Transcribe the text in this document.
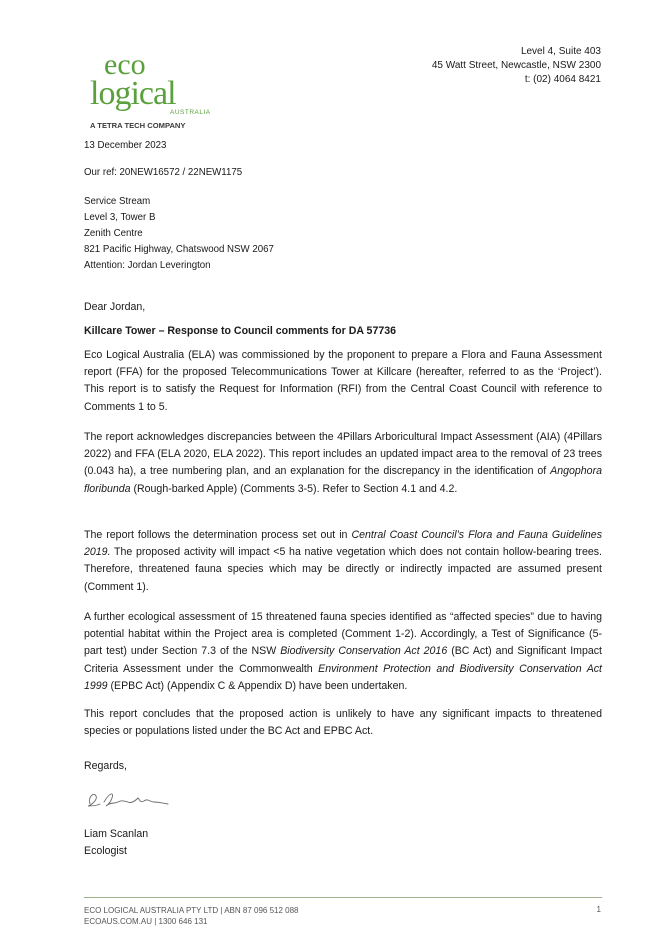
eco
logical
AUSTRALIA
A TETRA TECH COMPANY
Level 4, Suite 403
45 Watt Street, Newcastle, NSW 2300
t: (02) 4064 8421
13 December 2023
Our ref: 20NEW16572 / 22NEW1175
Service Stream
Level 3, Tower B
Zenith Centre
821 Pacific Highway, Chatswood NSW 2067
Attention: Jordan Leverington
Dear Jordan,
Killcare Tower – Response to Council comments for DA 57736

Eco Logical Australia (ELA) was commissioned by the proponent to prepare a Flora and Fauna Assessment report (FFA) for the proposed Telecommunications Tower at Killcare (hereafter, referred to as the ‘Project’). This report is to satisfy the Request for Information (RFI) from the Central Coast Council with reference to Comments 1 to 5.

The report acknowledges discrepancies between the 4Pillars Arboricultural Impact Assessment (AIA) (4Pillars 2022) and FFA (ELA 2020, ELA 2022). This report includes an updated impact area to the removal of 23 trees (0.043 ha), a tree numbering plan, and an explanation for the discrepancy in the identification of Angophora floribunda (Rough-barked Apple) (Comments 3-5). Refer to Section 4.1 and 4.2.

The report follows the determination process set out in Central Coast Council’s Flora and Fauna Guidelines 2019. The proposed activity will impact <5 ha native vegetation which does not contain hollow-bearing trees. Therefore, threatened fauna species which may be directly or indirectly impacted are assumed present (Comment 1).

A further ecological assessment of 15 threatened fauna species identified as “affected species” due to having potential habitat within the Project area is completed (Comment 1-2). Accordingly, a Test of Significance (5-part test) under Section 7.3 of the NSW Biodiversity Conservation Act 2016 (BC Act) and Significant Impact Criteria Assessment under the Commonwealth Environment Protection and Biodiversity Conservation Act 1999 (EPBC Act) (Appendix C & Appendix D) have been undertaken.

This report concludes that the proposed action is unlikely to have any significant impacts to threatened species or populations listed under the BC Act and EPBC Act.

Regards,
Liam Scanlan
Ecologist
ECO LOGICAL AUSTRALIA PTY LTD | ABN 87 096 512 088
ECOAUS.COM.AU | 1300 646 131
1
